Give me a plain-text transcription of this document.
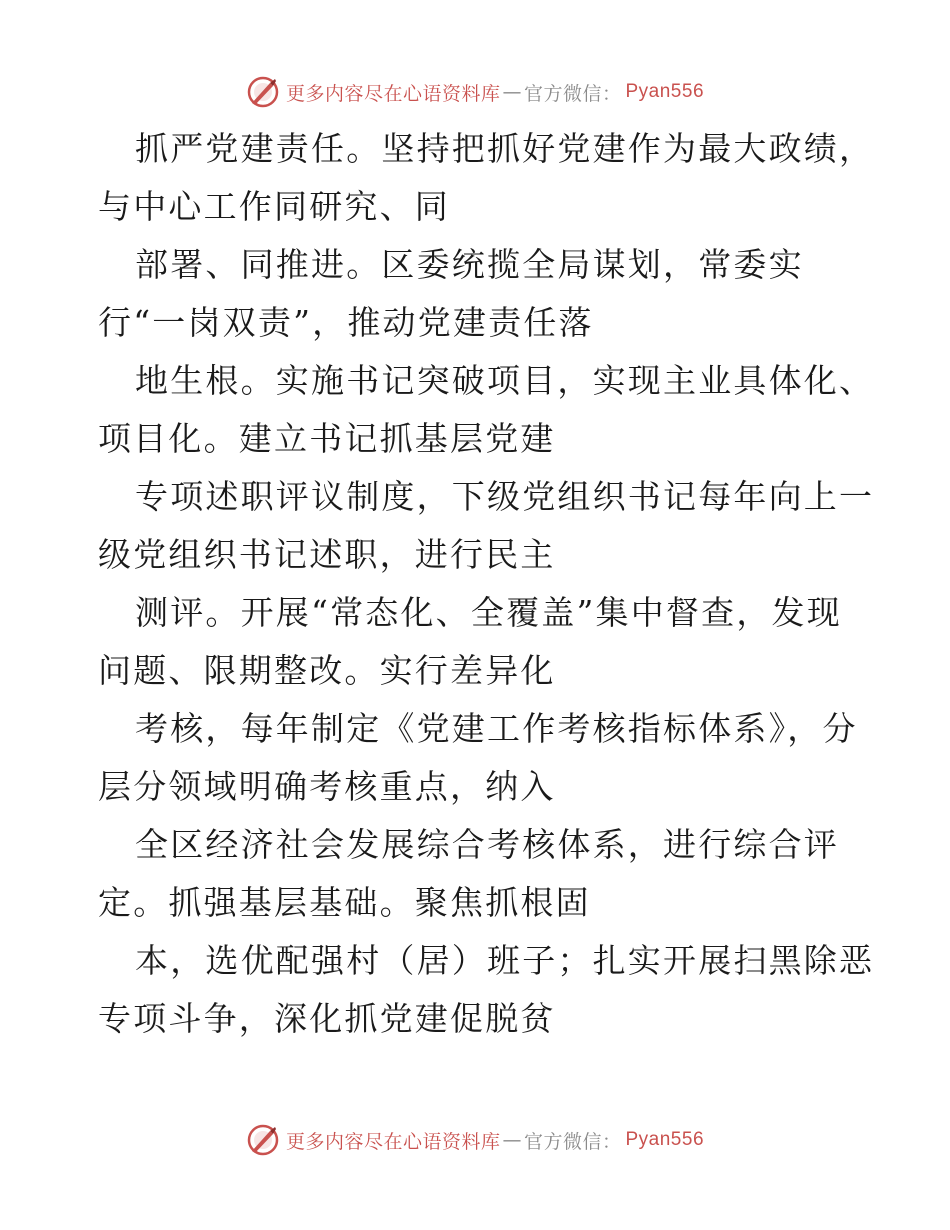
更多内容尽在心语资料库 — 官方微信： Pyan556
抓严党建责任。坚持把抓好党建作为最大政绩，
与中心工作同研究、同
部署、同推进。区委统揽全局谋划，常委实
行“一岗双责”，推动党建责任落
地生根。实施书记突破项目，实现主业具体化、
项目化。建立书记抓基层党建
专项述职评议制度，下级党组织书记每年向上一
级党组织书记述职，进行民主
测评。开展“常态化、全覆盖”集中督查，发现
问题、限期整改。实行差异化
考核，每年制定《党建工作考核指标体系》，分
层分领域明确考核重点，纳入
全区经济社会发展综合考核体系，进行综合评
定。抓强基层基础。聚焦抓根固
本，选优配强村（居）班子；扎实开展扫黑除恶
专项斗争，深化抓党建促脱贫
更多内容尽在心语资料库 — 官方微信： Pyan556
